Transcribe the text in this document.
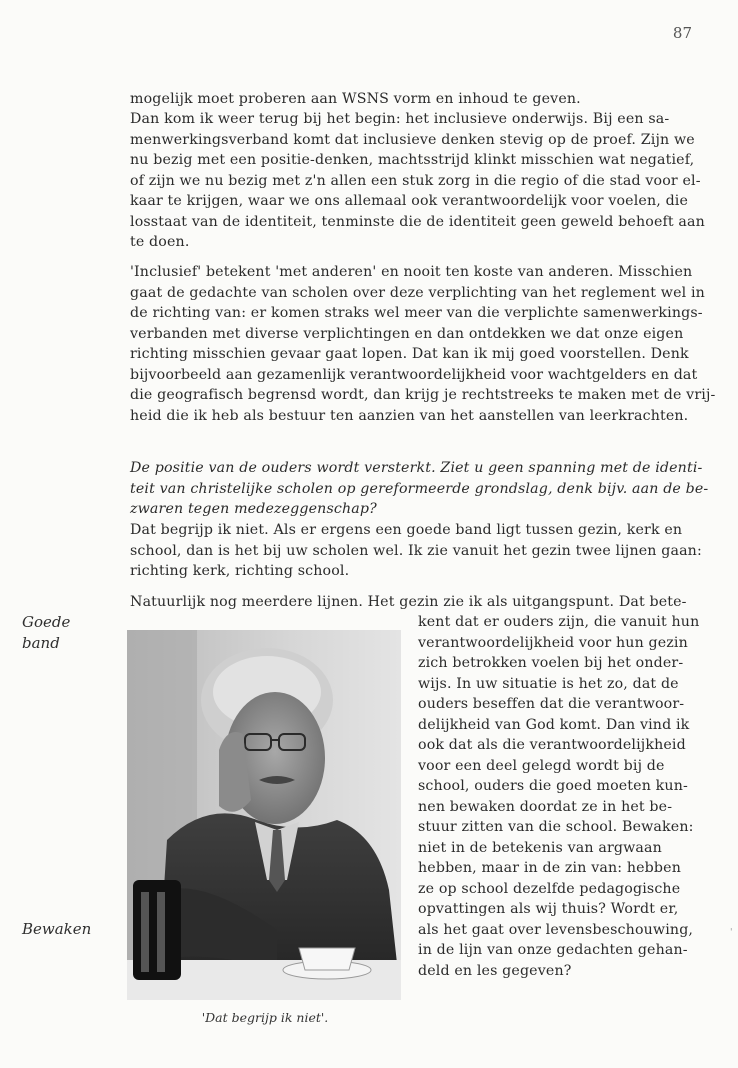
87
mogelijk moet proberen aan WSNS vorm en inhoud te geven.
Dan kom ik weer terug bij het begin: het inclusieve onderwijs. Bij een sa-
menwerkingsverband komt dat inclusieve denken stevig op de proef. Zijn we
nu bezig met een positie-denken, machtsstrijd klinkt misschien wat negatief,
of zijn we nu bezig met z'n allen een stuk zorg in die regio of die stad voor el-
kaar te krijgen, waar we ons allemaal ook verantwoordelijk voor voelen, die
losstaat van de identiteit, tenminste die de identiteit geen geweld behoeft aan
te doen.
'Inclusief' betekent 'met anderen' en nooit ten koste van anderen. Misschien
gaat de gedachte van scholen over deze verplichting van het reglement wel in
de richting van: er komen straks wel meer van die verplichte samenwerkings-
verbanden met diverse verplichtingen en dan ontdekken we dat onze eigen
richting misschien gevaar gaat lopen. Dat kan ik mij goed voorstellen. Denk
bijvoorbeeld aan gezamenlijk verantwoordelijkheid voor wachtgelders en dat
die geografisch begrensd wordt, dan krijg je rechtstreeks te maken met de vrij-
heid die ik heb als bestuur ten aanzien van het aanstellen van leerkrachten.
De positie van de ouders wordt versterkt. Ziet u geen spanning met de identi-
teit van christelijke scholen op gereformeerde grondslag, denk bijv. aan de be-
zwaren tegen medezeggenschap?
Dat begrijp ik niet. Als er ergens een goede band ligt tussen gezin, kerk en
school, dan is het bij uw scholen wel. Ik zie vanuit het gezin twee lijnen gaan:
richting kerk, richting school.
Natuurlijk nog meerdere lijnen. Het gezin zie ik als uitgangspunt. Dat bete-
kent dat er ouders zijn, die vanuit hun
verantwoordelijkheid voor hun gezin
zich betrokken voelen bij het onder-
wijs. In uw situatie is het zo, dat de
ouders beseffen dat die verantwoor-
delijkheid van God komt. Dan vind ik
ook dat als die verantwoordelijkheid
voor een deel gelegd wordt bij de
school, ouders die goed moeten kun-
nen bewaken doordat ze in het be-
stuur zitten van die school. Bewaken:
niet in de betekenis van argwaan
hebben, maar in de zin van: hebben
ze op school dezelfde pedagogische
opvattingen als wij thuis? Wordt er,
als het gaat over levensbeschouwing,
in de lijn van onze gedachten gehan-
deld en les gegeven?
Goede
band
Bewaken
'Dat begrijp ik niet'.
'
